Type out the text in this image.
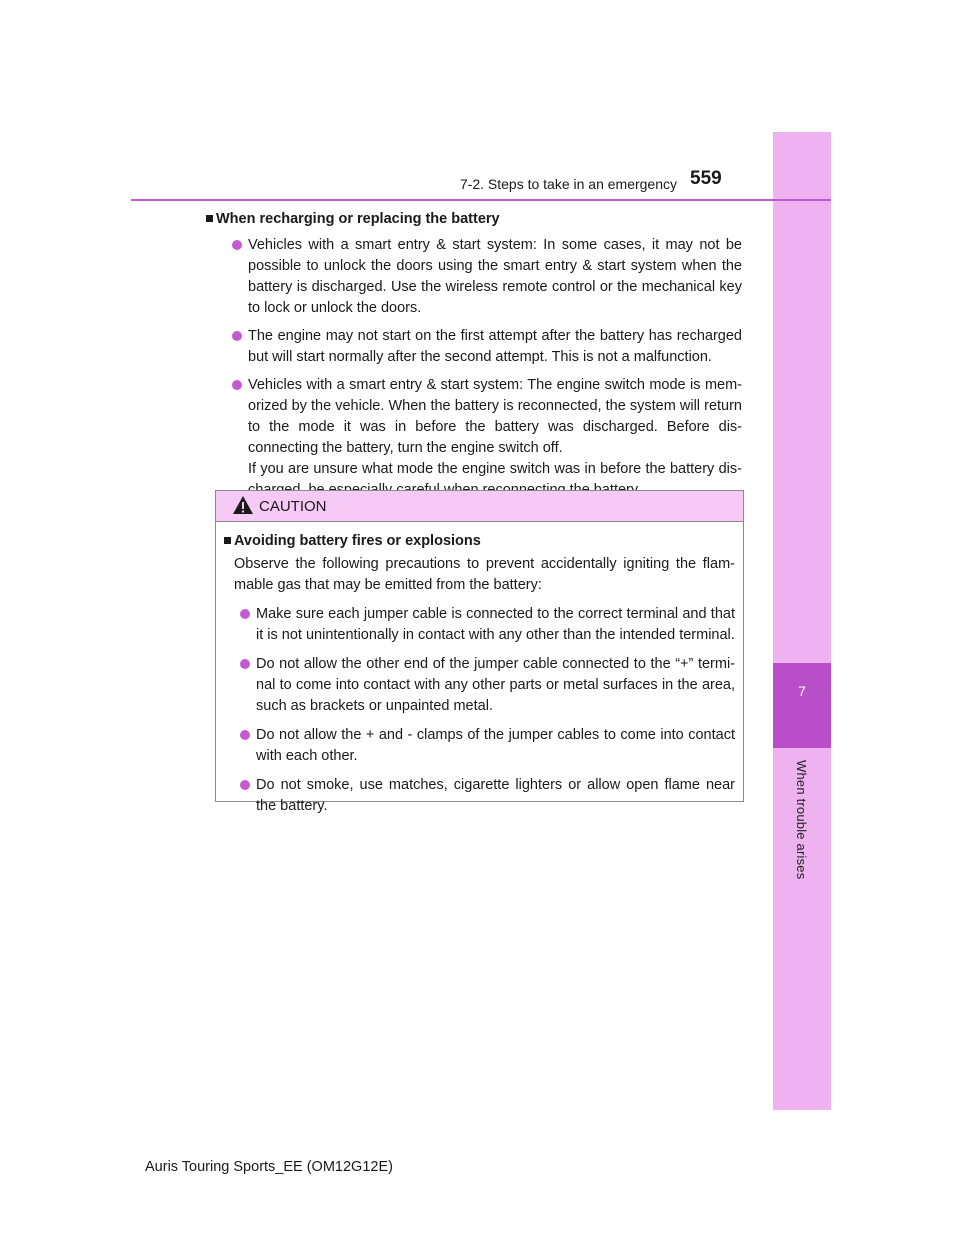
7
When trouble arises
7-2. Steps to take in an emergency 559
When recharging or replacing the battery
Vehicles with a smart entry & start system: In some cases, it may not be possible to unlock the doors using the smart entry & start system when the battery is discharged. Use the wireless remote control or the mechanical key to lock or unlock the doors.
The engine may not start on the first attempt after the battery has recharged but will start normally after the second attempt. This is not a malfunction.
Vehicles with a smart entry & start system: The engine switch mode is mem-orized by the vehicle. When the battery is reconnected, the system will return to the mode it was in before the battery was discharged. Before dis-connecting the battery, turn the engine switch off.
If you are unsure what mode the engine switch was in before the battery dis-
CAUTION
Avoiding battery fires or explosions
Observe the following precautions to prevent accidentally igniting the flam-mable gas that may be emitted from the battery:
Make sure each jumper cable is connected to the correct terminal and that it is not unintentionally in contact with any other than the intended terminal.
Do not allow the other end of the jumper cable connected to the “+” termi-nal to come into contact with any other parts or metal surfaces in the area, such as brackets or unpainted metal.
Do not allow the + and - clamps of the jumper cables to come into contact with each other.
Do not smoke, use matches, cigarette lighters or allow open flame near the battery.
Auris Touring Sports_EE (OM12G12E)
